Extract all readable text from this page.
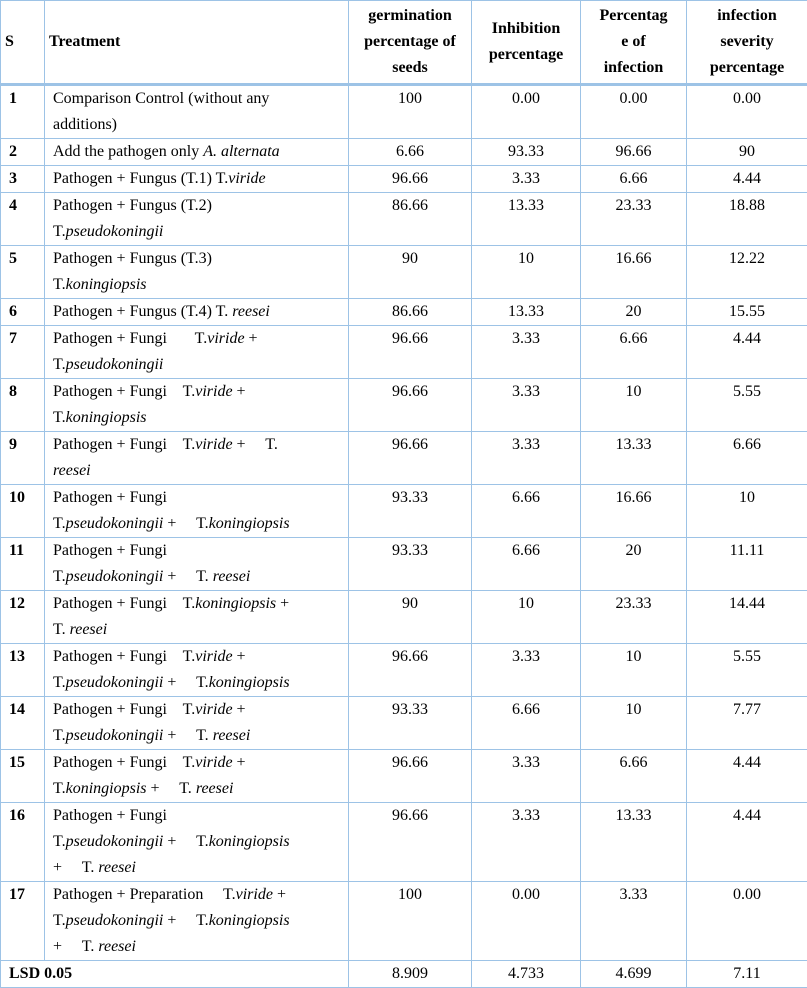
S	Treatment	germination
percentage of
seeds	Inhibition
percentage	Percentag
e of
infection	infection
severity
percentage
1	Comparison Control (without any
additions)	100	0.00	0.00	0.00
2	Add the pathogen only A. alternata	6.66	93.33	96.66	90
3	Pathogen + Fungus (T.1) T.viride	96.66	3.33	6.66	4.44
4	Pathogen + Fungus (T.2)
T.pseudokoningii	86.66	13.33	23.33	18.88
5	Pathogen + Fungus (T.3)
T.koningiopsis	90	10	16.66	12.22
6	Pathogen + Fungus (T.4) T. reesei	86.66	13.33	20	15.55
7	Pathogen + Fungi       T.viride +
T.pseudokoningii	96.66	3.33	6.66	4.44
8	Pathogen + Fungi    T.viride +
T.koningiopsis	96.66	3.33	10	5.55
9	Pathogen + Fungi    T.viride +     T.
reesei	96.66	3.33	13.33	6.66
10	Pathogen + Fungi
T.pseudokoningii +     T.koningiopsis	93.33	6.66	16.66	10
11	Pathogen + Fungi
T.pseudokoningii +     T. reesei	93.33	6.66	20	11.11
12	Pathogen + Fungi    T.koningiopsis +
T. reesei	90	10	23.33	14.44
13	Pathogen + Fungi    T.viride +
T.pseudokoningii +     T.koningiopsis	96.66	3.33	10	5.55
14	Pathogen + Fungi    T.viride +
T.pseudokoningii +     T. reesei	93.33	6.66	10	7.77
15	Pathogen + Fungi    T.viride +
T.koningiopsis +     T. reesei	96.66	3.33	6.66	4.44
16	Pathogen + Fungi
T.pseudokoningii +     T.koningiopsis
+     T. reesei	96.66	3.33	13.33	4.44
17	Pathogen + Preparation     T.viride +
T.pseudokoningii +     T.koningiopsis
+     T. reesei	100	0.00	3.33	0.00
LSD 0.05		8.909	4.733	4.699	7.11
